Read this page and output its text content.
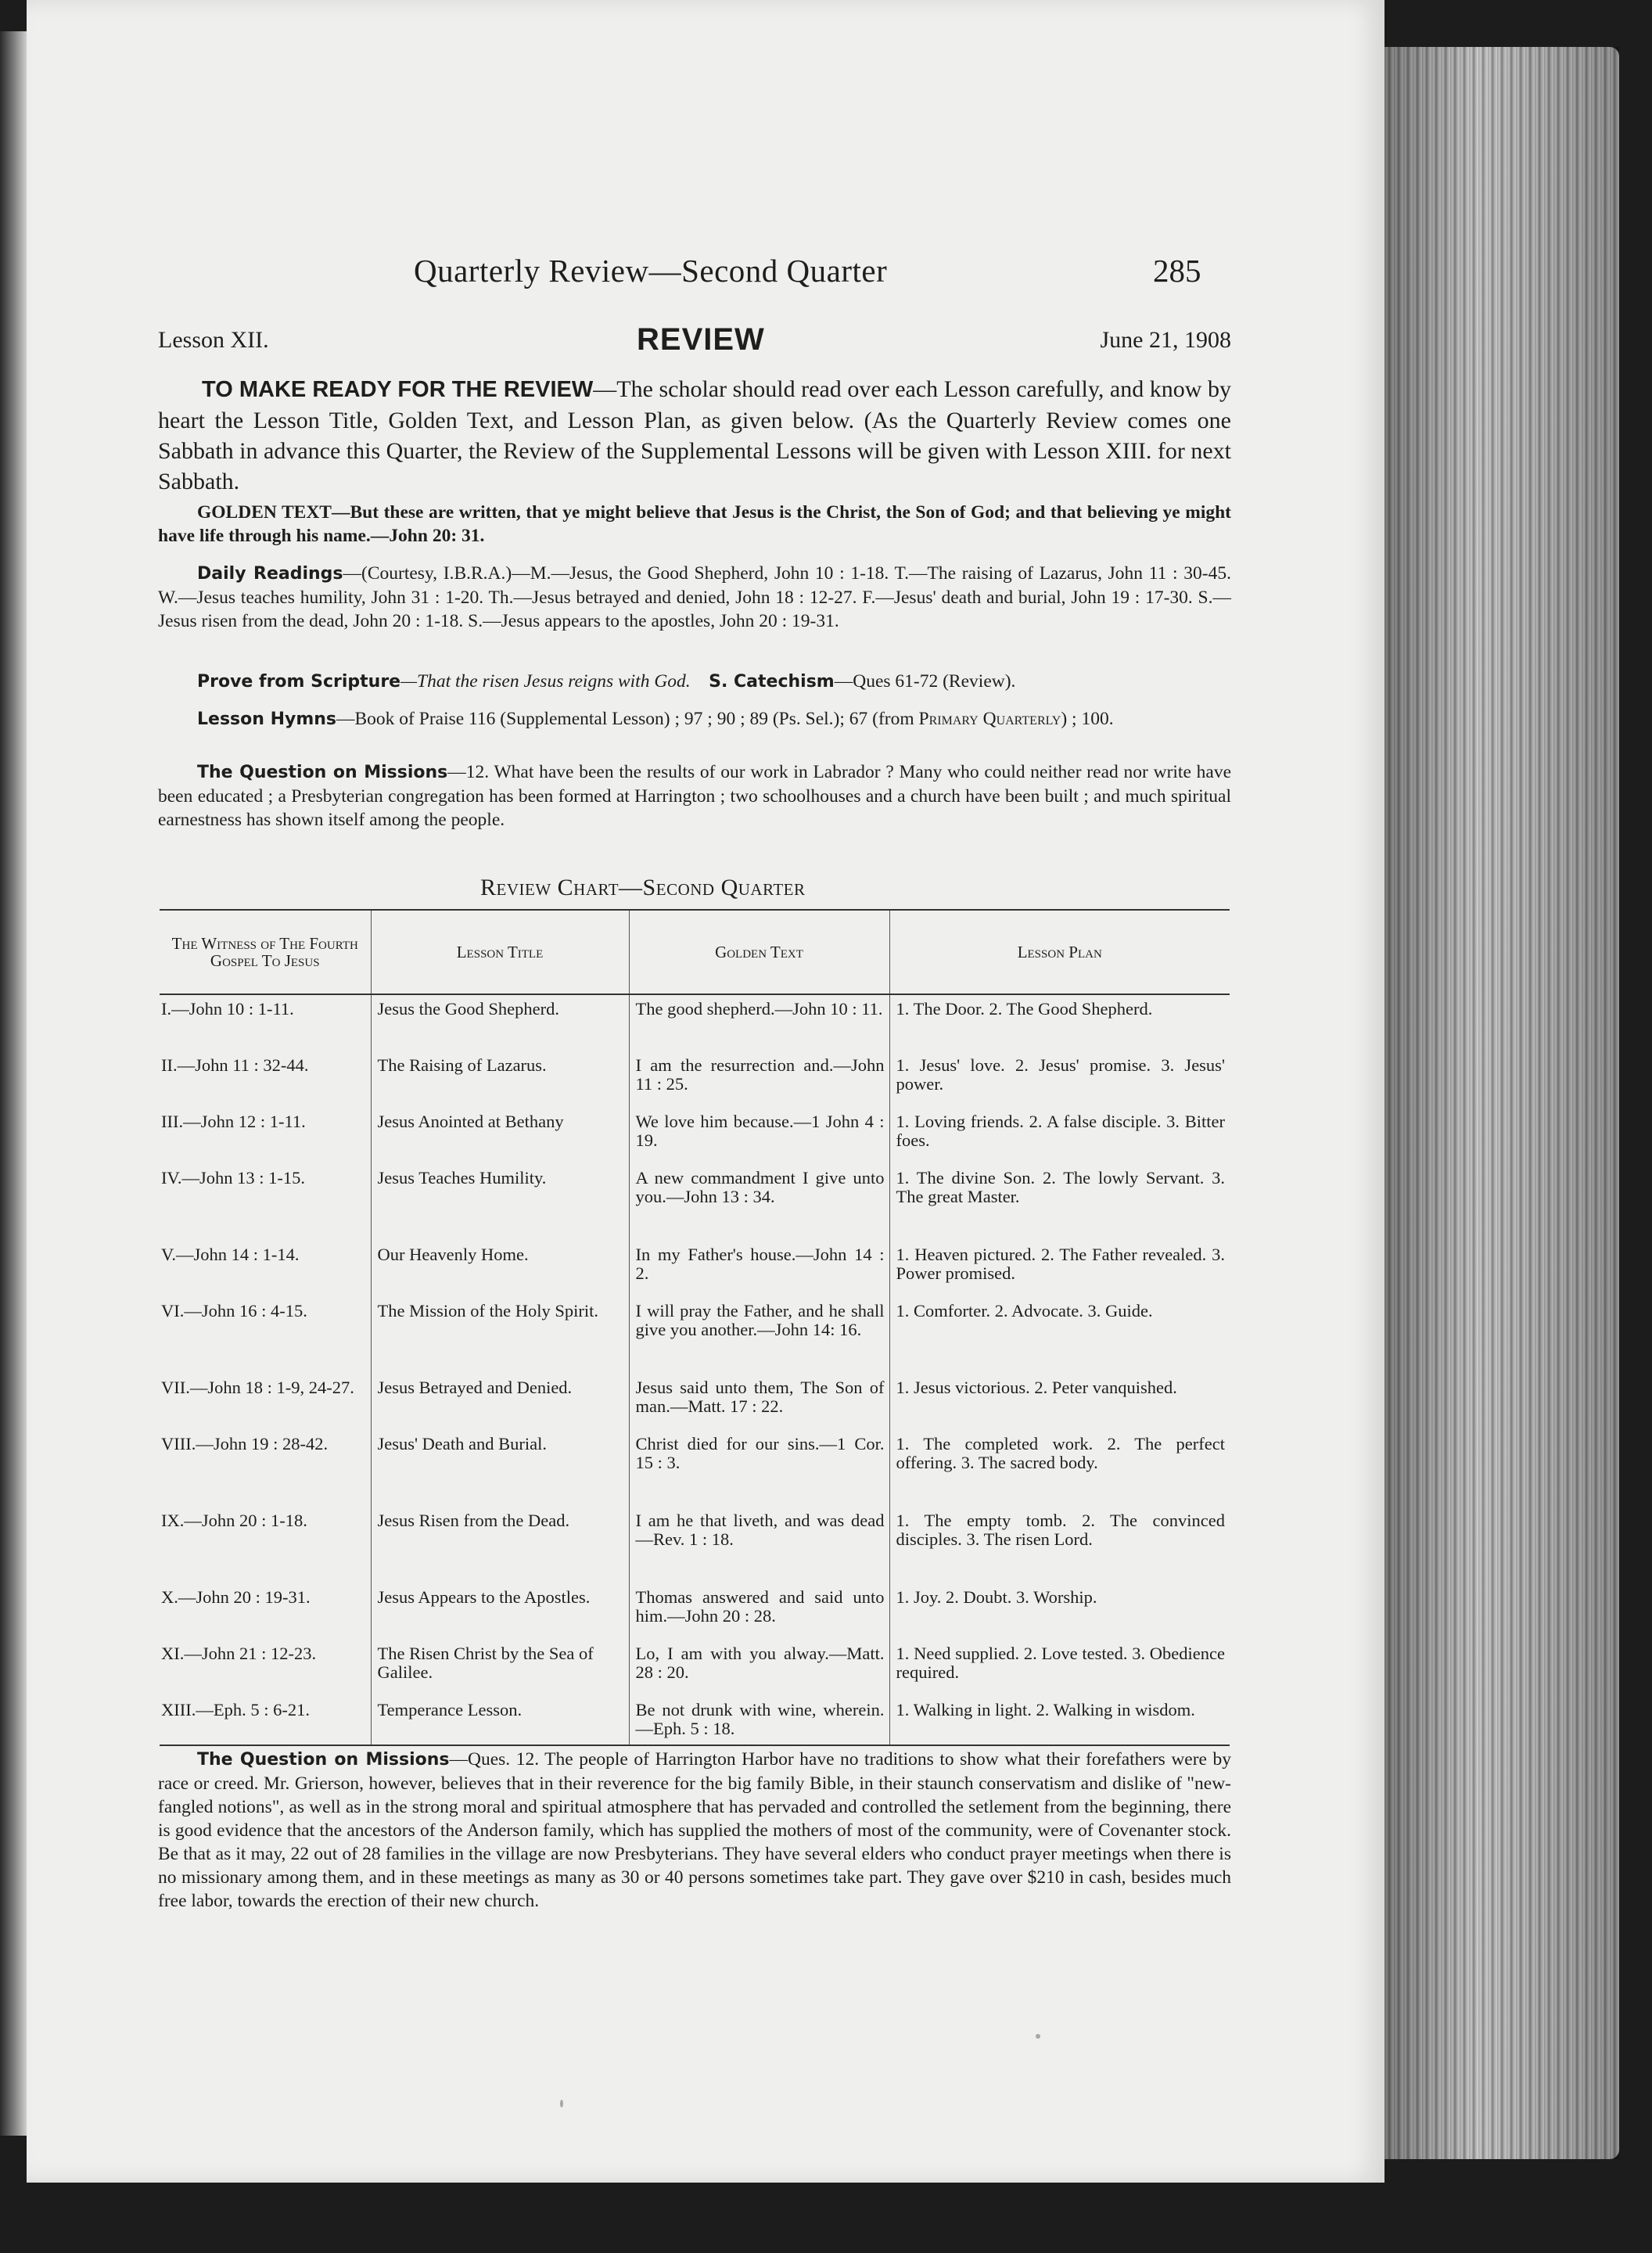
Quarterly Review—Second Quarter	285
Lesson XII.	REVIEW	June 21, 1908

TO MAKE READY FOR THE REVIEW—The scholar should read over each Lesson carefully, and know by heart the Lesson Title, Golden Text, and Lesson Plan, as given below. (As the Quarterly Review comes one Sabbath in advance this Quarter, the Review of the Supplemental Lessons will be given with Lesson XIII. for next Sabbath.

GOLDEN TEXT—But these are written, that ye might believe that Jesus is the Christ, the Son of God; and that believing ye might have life through his name.—John 20: 31.

Daily Readings—(Courtesy, I.B.R.A.)—M.—Jesus, the Good Shepherd, John 10 : 1-18. T.—The raising of Lazarus, John 11 : 30-45. W.—Jesus teaches humility, John 31 : 1-20. Th.—Jesus betrayed and denied, John 18 : 12-27. F.—Jesus' death and burial, John 19 : 17-30. S.—Jesus risen from the dead, John 20 : 1-18. S.—Jesus appears to the apostles, John 20 : 19-31.

Prove from Scripture—That the risen Jesus reigns with God. S. Catechism—Ques 61-72 (Review).

Lesson Hymns—Book of Praise 116 (Supplemental Lesson) ; 97 ; 90 ; 89 (Ps. Sel.); 67 (from Primary Quarterly) ; 100.

The Question on Missions—12. What have been the results of our work in Labrador ? Many who could neither read nor write have been educated ; a Presbyterian congregation has been formed at Harrington ; two schoolhouses and a church have been built ; and much spiritual earnestness has shown itself among the people.

Review Chart—Second Quarter
The Witness of The Fourth Gospel To Jesus	Lesson Title	Golden Text	Lesson Plan
I.—John 10 : 1-11.	Jesus the Good Shepherd.	The good shepherd.—John 10 : 11.	1. The Door. 2. The Good Shepherd.
II.—John 11 : 32-44.	The Raising of Lazarus.	I am the resurrection and.—John 11 : 25.	1. Jesus' love. 2. Jesus' promise. 3. Jesus' power.
III.—John 12 : 1-11.	Jesus Anointed at Bethany	We love him because.—1 John 4 : 19.	1. Loving friends. 2. A false disciple. 3. Bitter foes.
IV.—John 13 : 1-15.	Jesus Teaches Humility.	A new commandment I give unto you.—John 13 : 34.	1. The divine Son. 2. The lowly Servant. 3. The great Master.
V.—John 14 : 1-14.	Our Heavenly Home.	In my Father's house.—John 14 : 2.	1. Heaven pictured. 2. The Father revealed. 3. Power promised.
VI.—John 16 : 4-15.	The Mission of the Holy Spirit.	I will pray the Father, and he shall give you another.—John 14: 16.	1. Comforter. 2. Advocate. 3. Guide.
VII.—John 18 : 1-9, 24-27.	Jesus Betrayed and Denied.	Jesus said unto them, The Son of man.—Matt. 17 : 22.	1. Jesus victorious. 2. Peter vanquished.
VIII.—John 19 : 28-42.	Jesus' Death and Burial.	Christ died for our sins.—1 Cor. 15 : 3.	1. The completed work. 2. The perfect offering. 3. The sacred body.
IX.—John 20 : 1-18.	Jesus Risen from the Dead.	I am he that liveth, and was dead —Rev. 1 : 18.	1. The empty tomb. 2. The convinced disciples. 3. The risen Lord.
X.—John 20 : 19-31.	Jesus Appears to the Apostles.	Thomas answered and said unto him.—John 20 : 28.	1. Joy. 2. Doubt. 3. Worship.
XI.—John 21 : 12-23.	The Risen Christ by the Sea of Galilee.	Lo, I am with you alway.—Matt. 28 : 20.	1. Need supplied. 2. Love tested. 3. Obedience required.
XIII.—Eph. 5 : 6-21.	Temperance Lesson.	Be not drunk with wine, wherein.—Eph. 5 : 18.	1. Walking in light. 2. Walking in wisdom.

The Question on Missions—Ques. 12. The people of Harrington Harbor have no traditions to show what their forefathers were by race or creed. Mr. Grierson, however, believes that in their reverence for the big family Bible, in their staunch conservatism and dislike of "new-fangled notions", as well as in the strong moral and spiritual atmosphere that has pervaded and controlled the setlement from the beginning, there is good evidence that the ancestors of the Anderson family, which has supplied the mothers of most of the community, were of Covenanter stock. Be that as it may, 22 out of 28 families in the village are now Presbyterians. They have several elders who conduct prayer meetings when there is no missionary among them, and in these meetings as many as 30 or 40 persons sometimes take part. They gave over $210 in cash, besides much free labor, towards the erection of their new church.
